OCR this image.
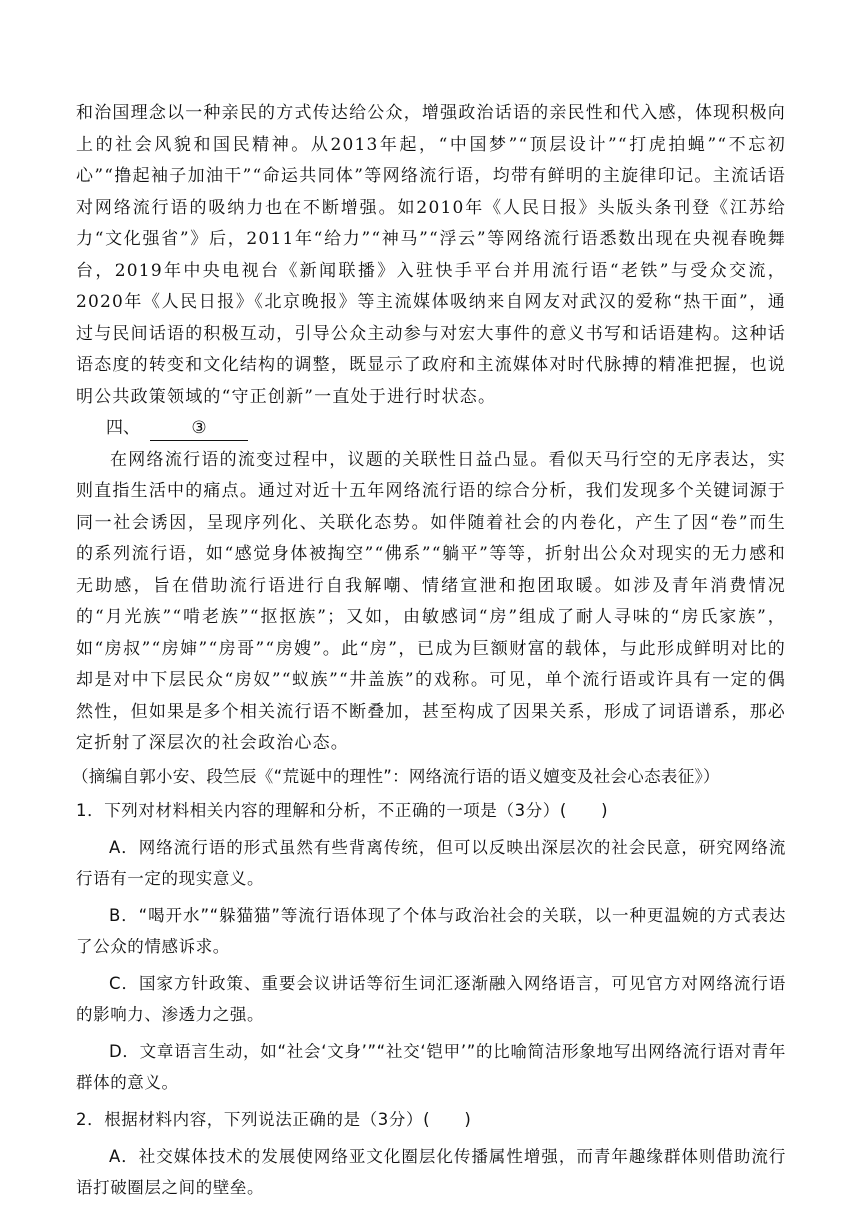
和治国理念以一种亲民的方式传达给公众，增强政治话语的亲民性和代入感，体现积极向上的社会风貌和国民精神。从2013年起，“中国梦”“顶层设计”“打虎拍蝇”“不忘初心”“撸起袖子加油干”“命运共同体”等网络流行语，均带有鲜明的主旋律印记。主流话语对网络流行语的吸纳力也在不断增强。如2010年《人民日报》头版头条刊登《江苏给力“文化强省”》后，2011年“给力”“神马”“浮云”等网络流行语悉数出现在央视春晚舞台，2019年中央电视台《新闻联播》入驻快手平台并用流行语“老铁”与受众交流，2020年《人民日报》《北京晚报》等主流媒体吸纳来自网友对武汉的爱称“热干面”，通过与民间话语的积极互动，引导公众主动参与对宏大事件的意义书写和话语建构。这种话语态度的转变和文化结构的调整，既显示了政府和主流媒体对时代脉搏的精准把握，也说明公共政策领域的“守正创新”一直处于进行时状态。

四、	③

在网络流行语的流变过程中，议题的关联性日益凸显。看似天马行空的无序表达，实则直指生活中的痛点。通过对近十五年网络流行语的综合分析，我们发现多个关键词源于同一社会诱因，呈现序列化、关联化态势。如伴随着社会的内卷化，产生了因“卷”而生的系列流行语，如“感觉身体被掏空”“佛系”“躺平”等等，折射出公众对现实的无力感和无助感，旨在借助流行语进行自我解嘲、情绪宣泄和抱团取暖。如涉及青年消费情况的“月光族”“啃老族”“抠抠族”；又如，由敏感词“房”组成了耐人寻味的“房氏家族”，如“房叔”“房婶”“房哥”“房嫂”。此“房”，已成为巨额财富的载体，与此形成鲜明对比的却是对中下层民众“房奴”“蚁族”“井盖族”的戏称。可见，单个流行语或许具有一定的偶然性，但如果是多个相关流行语不断叠加，甚至构成了因果关系，形成了词语谱系，那必定折射了深层次的社会政治心态。

（摘编自郭小安、段竺辰《“荒诞中的理性”：网络流行语的语义嬗变及社会心态表征》）

1．下列对材料相关内容的理解和分析，不正确的一项是（3分）(　　)

A．网络流行语的形式虽然有些背离传统，但可以反映出深层次的社会民意，研究网络流行语有一定的现实意义。

B．“喝开水”“躲猫猫”等流行语体现了个体与政治社会的关联，以一种更温婉的方式表达了公众的情感诉求。

C．国家方针政策、重要会议讲话等衍生词汇逐渐融入网络语言，可见官方对网络流行语的影响力、渗透力之强。

D．文章语言生动，如“社会‘文身’”“社交‘铠甲’”的比喻简洁形象地写出网络流行语对青年群体的意义。

2．根据材料内容，下列说法正确的是（3分）(　　)

A．社交媒体技术的发展使网络亚文化圈层化传播属性增强，而青年趣缘群体则借助流行语打破圈层之间的壁垒。
